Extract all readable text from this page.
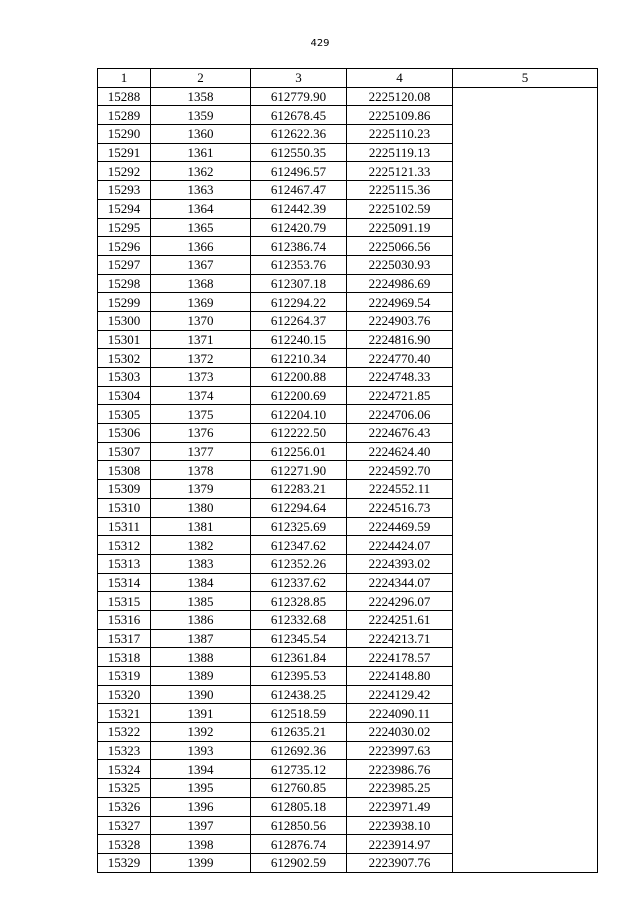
429
1	2	3	4	5
15288	1358	612779.90	2225120.08	
15289	1359	612678.45	2225109.86	
15290	1360	612622.36	2225110.23	
15291	1361	612550.35	2225119.13	
15292	1362	612496.57	2225121.33	
15293	1363	612467.47	2225115.36	
15294	1364	612442.39	2225102.59	
15295	1365	612420.79	2225091.19	
15296	1366	612386.74	2225066.56	
15297	1367	612353.76	2225030.93	
15298	1368	612307.18	2224986.69	
15299	1369	612294.22	2224969.54	
15300	1370	612264.37	2224903.76	
15301	1371	612240.15	2224816.90	
15302	1372	612210.34	2224770.40	
15303	1373	612200.88	2224748.33	
15304	1374	612200.69	2224721.85	
15305	1375	612204.10	2224706.06	
15306	1376	612222.50	2224676.43	
15307	1377	612256.01	2224624.40	
15308	1378	612271.90	2224592.70	
15309	1379	612283.21	2224552.11	
15310	1380	612294.64	2224516.73	
15311	1381	612325.69	2224469.59	
15312	1382	612347.62	2224424.07	
15313	1383	612352.26	2224393.02	
15314	1384	612337.62	2224344.07	
15315	1385	612328.85	2224296.07	
15316	1386	612332.68	2224251.61	
15317	1387	612345.54	2224213.71	
15318	1388	612361.84	2224178.57	
15319	1389	612395.53	2224148.80	
15320	1390	612438.25	2224129.42	
15321	1391	612518.59	2224090.11	
15322	1392	612635.21	2224030.02	
15323	1393	612692.36	2223997.63	
15324	1394	612735.12	2223986.76	
15325	1395	612760.85	2223985.25	
15326	1396	612805.18	2223971.49	
15327	1397	612850.56	2223938.10	
15328	1398	612876.74	2223914.97	
15329	1399	612902.59	2223907.76	
